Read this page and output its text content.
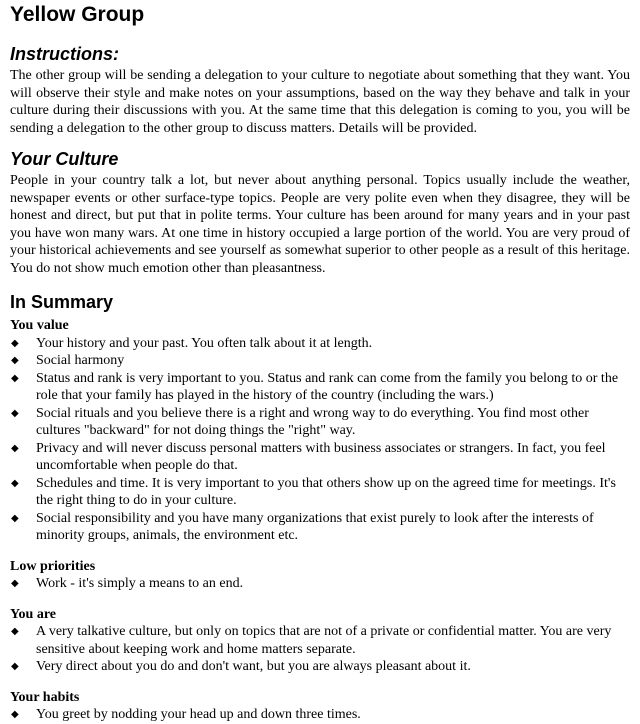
Yellow Group
Instructions:

The other group will be sending a delegation to your culture to negotiate about something that they want. You will observe their style and make notes on your assumptions, based on the way they behave and talk in your culture during their discussions with you. At the same time that this delegation is coming to you, you will be sending a delegation to the other group to discuss matters. Details will be provided.

Your Culture

People in your country talk a lot, but never about anything personal. Topics usually include the weather, newspaper events or other surface-type topics. People are very polite even when they disagree, they will be honest and direct, but put that in polite terms. Your culture has been around for many years and in your past you have won many wars. At one time in history occupied a large portion of the world. You are very proud of your historical achievements and see yourself as somewhat superior to other people as a result of this heritage. You do not show much emotion other than pleasantness.

In Summary
You value
◆ Your history and your past. You often talk about it at length.
◆ Social harmony
◆ Status and rank is very important to you. Status and rank can come from the family you belong to or the role that your family has played in the history of the country (including the wars.)
◆ Social rituals and you believe there is a right and wrong way to do everything. You find most other cultures "backward" for not doing things the "right" way.
◆ Privacy and will never discuss personal matters with business associates or strangers. In fact, you feel uncomfortable when people do that.
◆ Schedules and time. It is very important to you that others show up on the agreed time for meetings. It's the right thing to do in your culture.
◆ Social responsibility and you have many organizations that exist purely to look after the interests of minority groups, animals, the environment etc.
Low priorities
◆ Work - it's simply a means to an end.
You are
◆ A very talkative culture, but only on topics that are not of a private or confidential matter. You are very sensitive about keeping work and home matters separate.
◆ Very direct about you do and don't want, but you are always pleasant about it.
Your habits
◆ You greet by nodding your head up and down three times.
